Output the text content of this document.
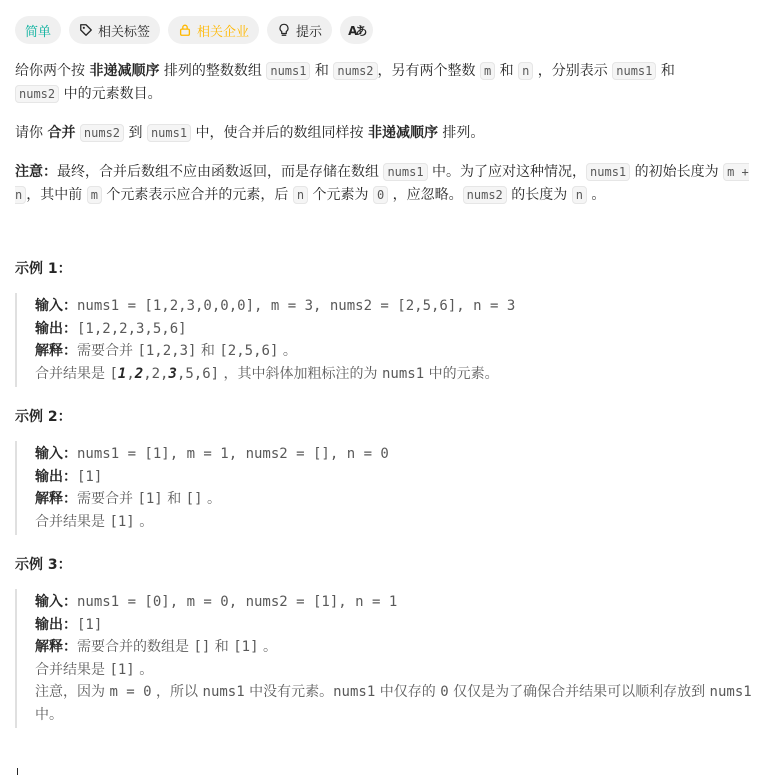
简单	相关标签	相关企业	提示 Aあ

给你两个按 非递减顺序 排列的整数数组 nums1 和 nums2 ，另有两个整数 m 和 n ，分别表示 nums1 和
nums2 中的元素数目。

请你 合并 nums2 到 nums1 中，使合并后的数组同样按 非递减顺序 排列。

注意：最终，合并后数组不应由函数返回，而是存储在数组 nums1 中。为了应对这种情况， nums1 的初始长度为 m + n ，其中前 m 个元素表示应合并的元素，后 n 个元素为 0 ，应忽略。 nums2 的长度为 n 。

示例 1：

输入：nums1 = [1,2,3,0,0,0], m = 3, nums2 = [2,5,6], n = 3
输出：[1,2,2,3,5,6]
解释：需要合并 [1,2,3] 和 [2,5,6] 。
合并结果是 [1,2,2,3,5,6] ，其中斜体加粗标注的为 nums1 中的元素。

示例 2：

输入：nums1 = [1], m = 1, nums2 = [], n = 0
输出：[1]
解释：需要合并 [1] 和 [] 。
合并结果是 [1] 。

示例 3：

输入：nums1 = [0], m = 0, nums2 = [1], n = 1
输出：[1]
解释：需要合并的数组是 [] 和 [1] 。
合并结果是 [1] 。
注意，因为 m = 0 ，所以 nums1 中没有元素。nums1 中仅存的 0 仅仅是为了确保合并结果可以顺利存放到 nums1 中。
